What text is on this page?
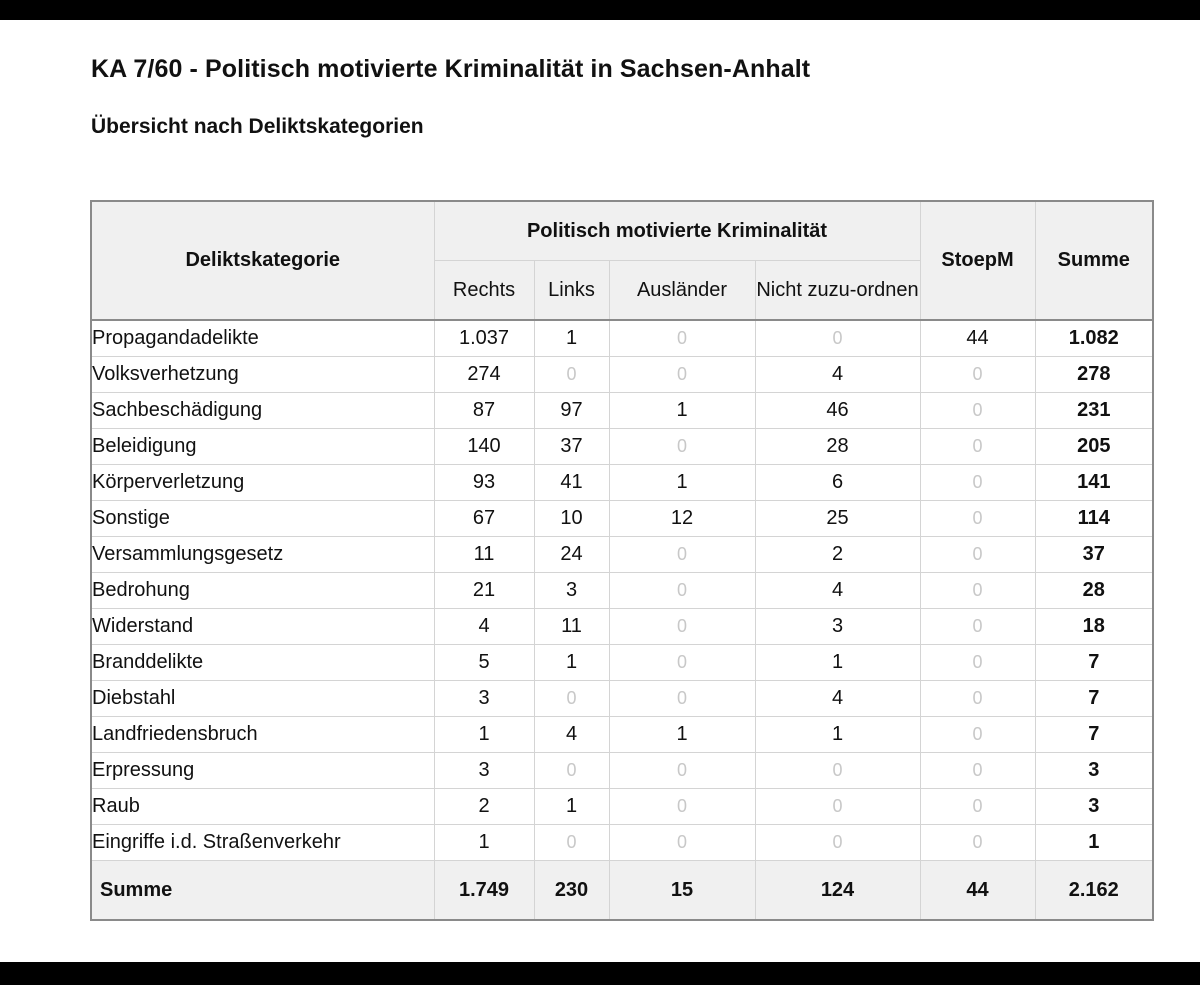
KA 7/60 - Politisch motivierte Kriminalität in Sachsen-Anhalt
Übersicht nach Deliktskategorien
Deliktskategorie	Politisch motivierte Kriminalität				StoepM	Summe
	Rechts	Links	Ausländer	Nicht zuzu-ordnen		
Propagandadelikte	1.037	1	0	0	44	1.082
Volksverhetzung	274	0	0	4	0	278
Sachbeschädigung	87	97	1	46	0	231
Beleidigung	140	37	0	28	0	205
Körperverletzung	93	41	1	6	0	141
Sonstige	67	10	12	25	0	114
Versammlungsgesetz	11	24	0	2	0	37
Bedrohung	21	3	0	4	0	28
Widerstand	4	11	0	3	0	18
Branddelikte	5	1	0	1	0	7
Diebstahl	3	0	0	4	0	7
Landfriedensbruch	1	4	1	1	0	7
Erpressung	3	0	0	0	0	3
Raub	2	1	0	0	0	3
Eingriffe i.d. Straßenverkehr	1	0	0	0	0	1
Summe	1.749	230	15	124	44	2.162
